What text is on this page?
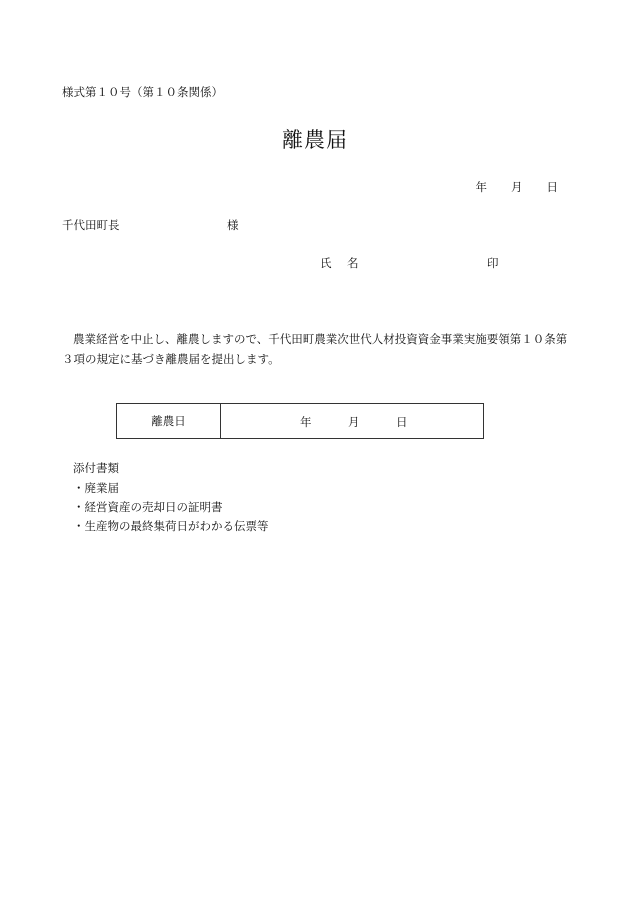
様式第１０号（第１０条関係）
離農届
年 月 日
千代田町長	様
氏　名	印
農業経営を中止し、離農しますので、千代田町農業次世代人材投資資金事業実施要領第１０条第３項の規定に基づき離農届を提出します。
離農日	年	月	日
添付書類
・廃業届
・経営資産の売却日の証明書
・生産物の最終集荷日がわかる伝票等
